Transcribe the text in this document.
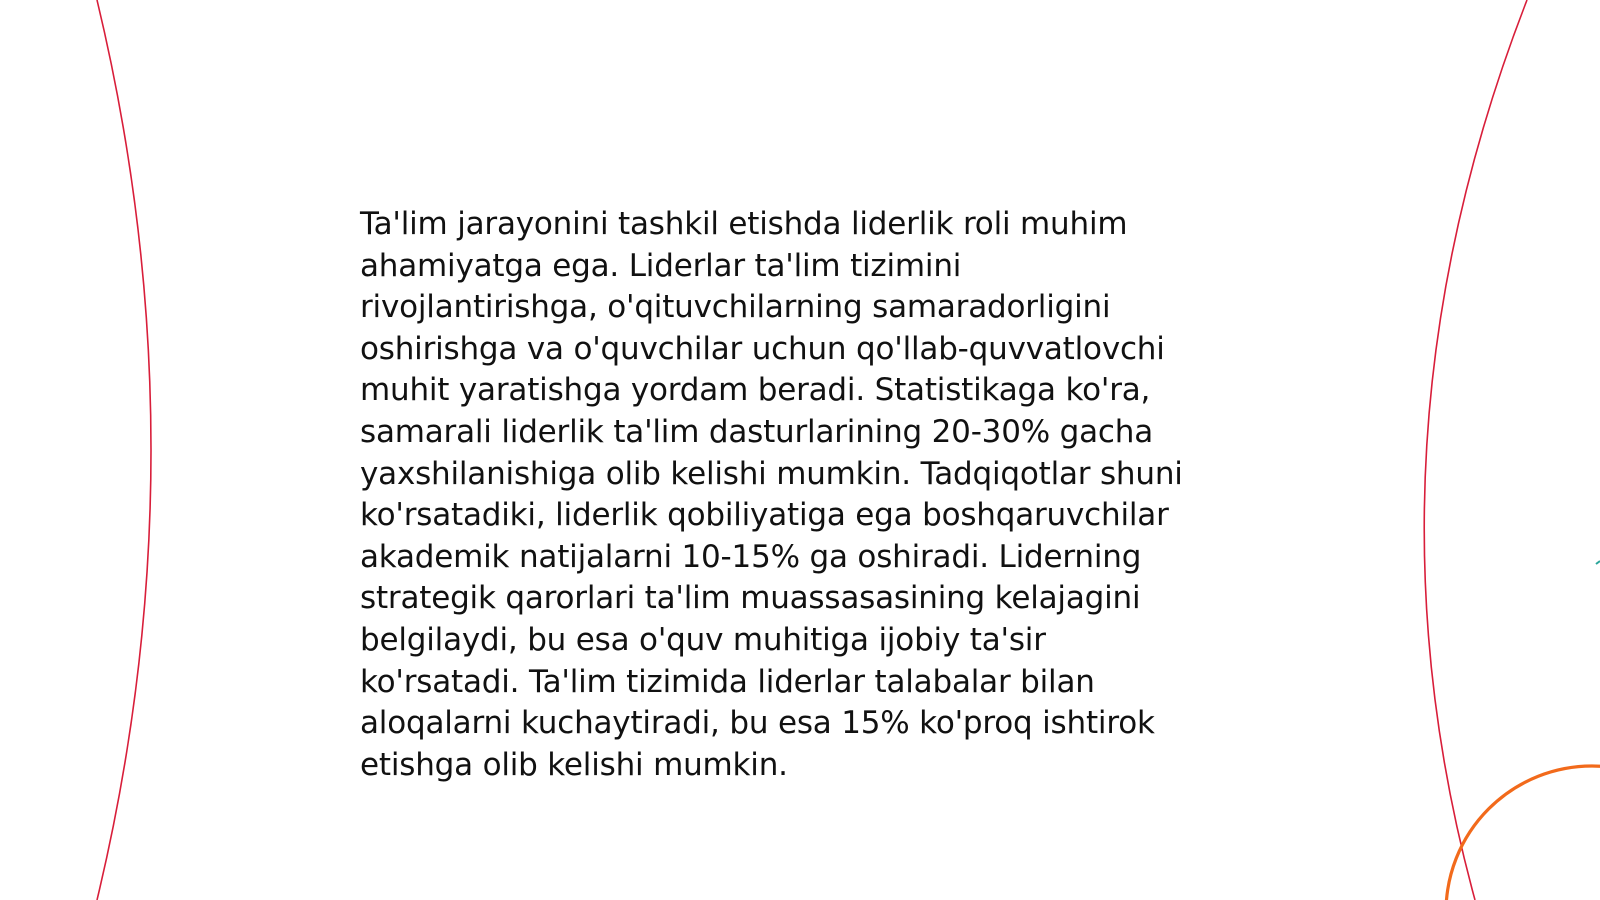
Ta'lim jarayonini tashkil etishda liderlik roli muhim
ahamiyatga ega. Liderlar ta'lim tizimini
rivojlantirishga, o'qituvchilarning samaradorligini
oshirishga va o'quvchilar uchun qo'llab-quvvatlovchi
muhit yaratishga yordam beradi. Statistikaga ko'ra,
samarali liderlik ta'lim dasturlarining 20-30% gacha
yaxshilanishiga olib kelishi mumkin. Tadqiqotlar shuni
ko'rsatadiki, liderlik qobiliyatiga ega boshqaruvchilar
akademik natijalarni 10-15% ga oshiradi. Liderning
strategik qarorlari ta'lim muassasasining kelajagini
belgilaydi, bu esa o'quv muhitiga ijobiy ta'sir
ko'rsatadi. Ta'lim tizimida liderlar talabalar bilan
aloqalarni kuchaytiradi, bu esa 15% ko'proq ishtirok
etishga olib kelishi mumkin.
